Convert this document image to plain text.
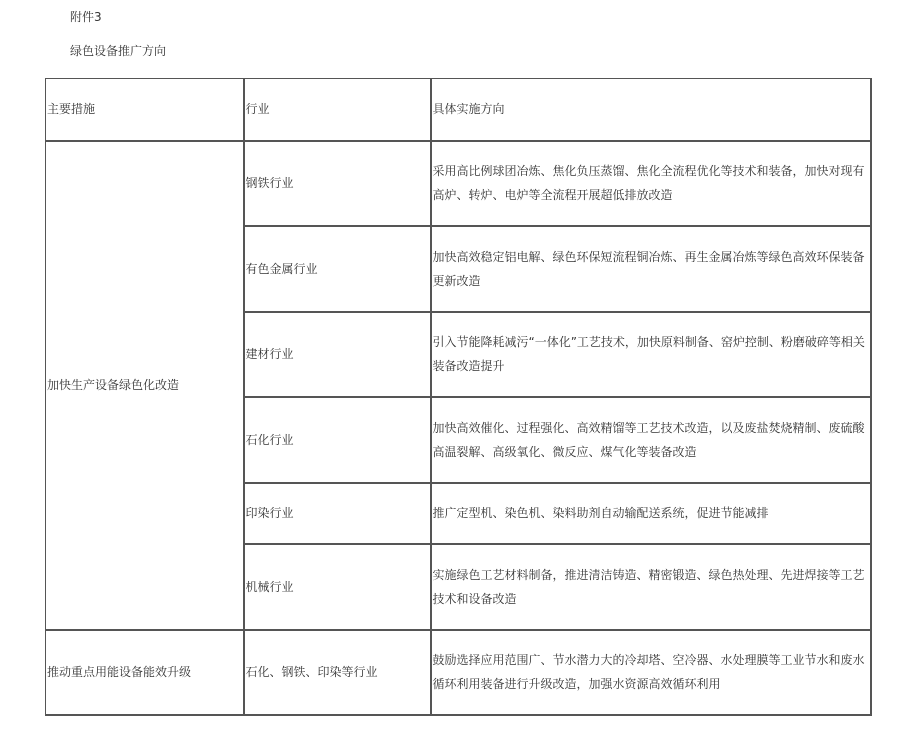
附件3
绿色设备推广方向
主要措施	行业	具体实施方向
加快生产设备绿色化改造	钢铁行业	采用高比例球团冶炼、焦化负压蒸馏、焦化全流程优化等技术和装备，加快对现有高炉、转炉、电炉等全流程开展超低排放改造
	有色金属行业	加快高效稳定铝电解、绿色环保短流程铜冶炼、再生金属冶炼等绿色高效环保装备更新改造
	建材行业	引入节能降耗减污“一体化”工艺技术，加快原料制备、窑炉控制、粉磨破碎等相关装备改造提升
	石化行业	加快高效催化、过程强化、高效精馏等工艺技术改造，以及废盐焚烧精制、废硫酸高温裂解、高级氧化、微反应、煤气化等装备改造
	印染行业	推广定型机、染色机、染料助剂自动输配送系统，促进节能减排
	机械行业	实施绿色工艺材料制备，推进清洁铸造、精密锻造、绿色热处理、先进焊接等工艺技术和设备改造
推动重点用能设备能效升级	石化、钢铁、印染等行业	鼓励选择应用范围广、节水潜力大的冷却塔、空冷器、水处理膜等工业节水和废水循环利用装备进行升级改造，加强水资源高效循环利用
